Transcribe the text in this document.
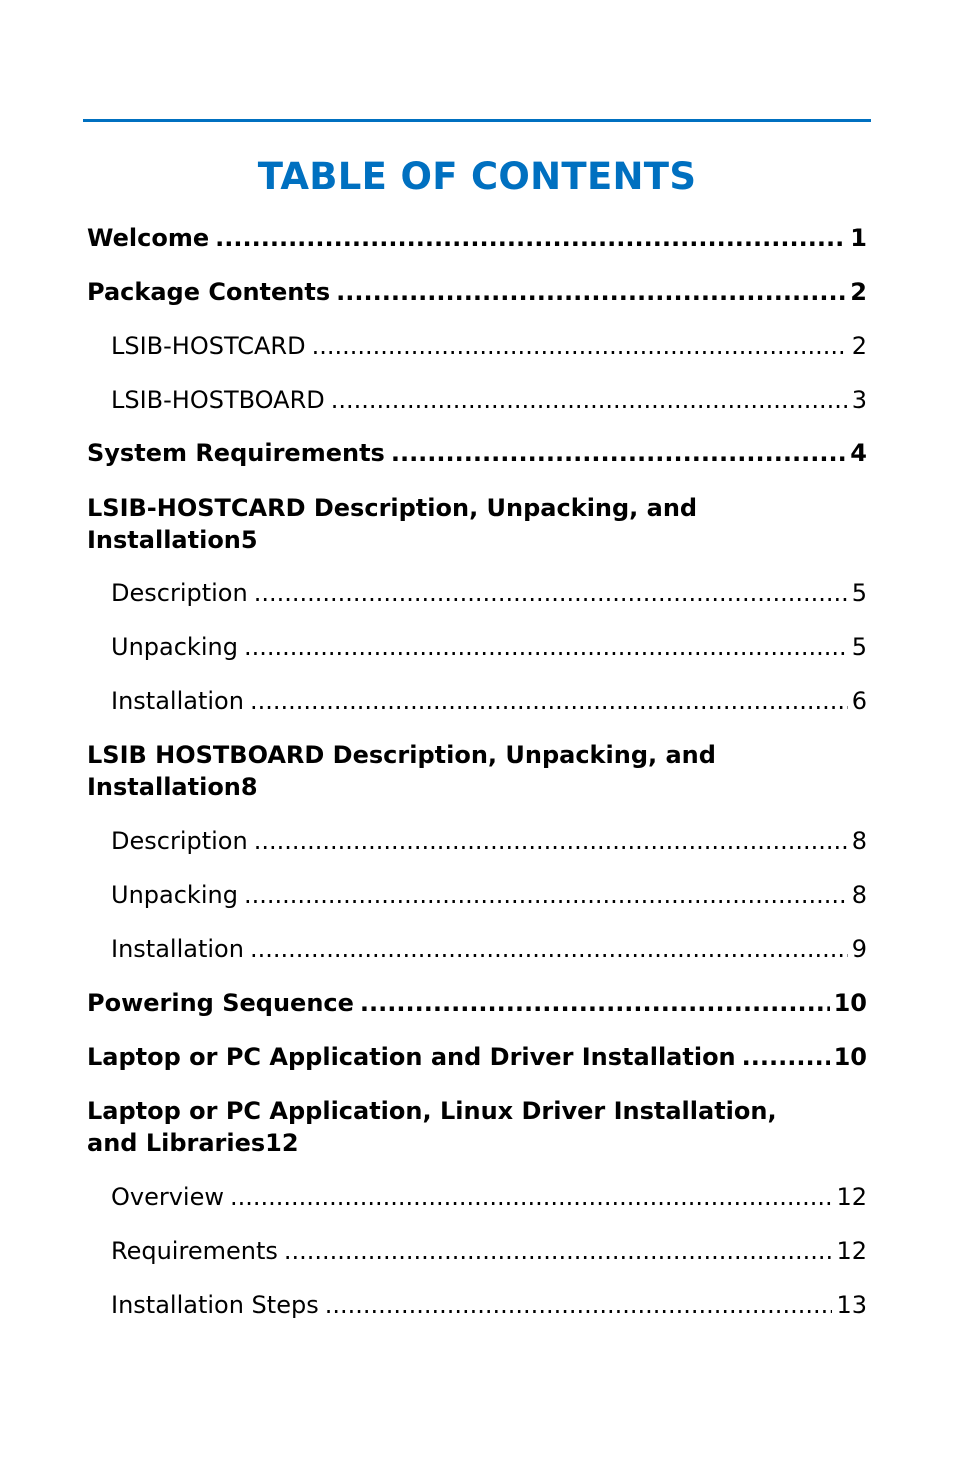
TABLE OF CONTENTS
Welcome .....	1
Package Contents .....	2
LSIB-HOSTCARD .....	2
LSIB-HOSTBOARD .....	3
System Requirements .....	4
LSIB-HOSTCARD Description, Unpacking, and
Installation 5
Description .....	5
Unpacking .....	5
Installation .....	6
LSIB HOSTBOARD Description, Unpacking, and
Installation 8
Description .....	8
Unpacking .....	8
Installation .....	9
Powering Sequence .....	10
Laptop or PC Application and Driver Installation .....	10
Laptop or PC Application, Linux Driver Installation,
and Libraries 12
Overview .....	12
Requirements .....	12
Installation Steps .....	13
